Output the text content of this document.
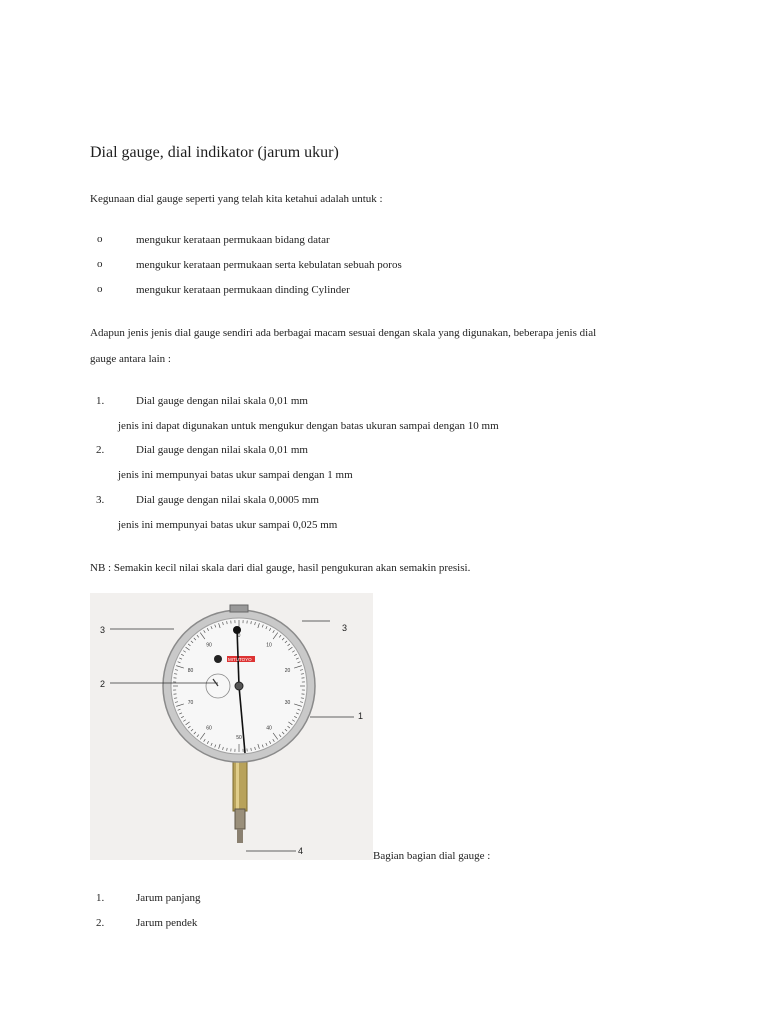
Dial gauge, dial indikator (jarum ukur)
Kegunaan dial gauge seperti yang telah kita ketahui adalah untuk :
o	mengukur kerataan permukaan bidang datar
o	mengukur kerataan permukaan serta kebulatan sebuah poros
o	mengukur kerataan permukaan dinding Cylinder
Adapun jenis jenis dial gauge sendiri ada berbagai macam sesuai dengan skala yang digunakan, beberapa jenis dial
gauge antara lain :
1.	Dial gauge dengan nilai skala 0,01 mm
jenis ini dapat digunakan untuk mengukur dengan batas ukuran sampai dengan 10 mm
2.	Dial gauge dengan nilai skala 0,01 mm
jenis ini mempunyai batas ukur sampai dengan 1 mm
3.	Dial gauge dengan nilai skala 0,0005 mm
jenis ini mempunyai batas ukur sampai 0,025 mm
NB : Semakin kecil nilai skala dari dial gauge, hasil pengukuran akan semakin presisi.
3	3
2
1
4
MITUTOYO
0
10
20
30
40
50
60
70
80
90
Bagian bagian dial gauge :
1.	Jarum panjang
2.	Jarum pendek
